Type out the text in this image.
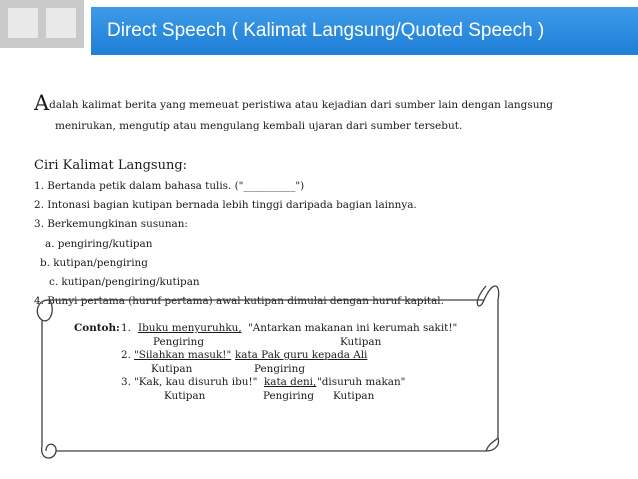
Direct Speech ( Kalimat Langsung/Quoted Speech )
Adalah kalimat berita yang memeuat peristiwa atau kejadian dari sumber lain dengan langsung
menirukan, mengutip atau mengulang kembali ujaran dari sumber tersebut.
Ciri Kalimat Langsung:
1. Bertanda petik dalam bahasa tulis. ("__________")
2. Intonasi bagian kutipan bernada lebih tinggi daripada bagian lainnya.
3. Berkemungkinan susunan:
a. pengiring/kutipan
b. kutipan/pengiring
c. kutipan/pengiring/kutipan
4. Bunyi pertama (huruf pertama) awal kutipan dimulai dengan huruf kapital.
Contoh: 1. Ibuku menyuruhku, "Antarkan makanan ini kerumah sakit!"
Pengiring	Kutipan
2. "Silahkan masuk!" kata Pak guru kepada Ali
Kutipan	Pengiring
3. "Kak, kau disuruh ibu!" kata deni, "disuruh makan"
Kutipan	Pengiring Kutipan
